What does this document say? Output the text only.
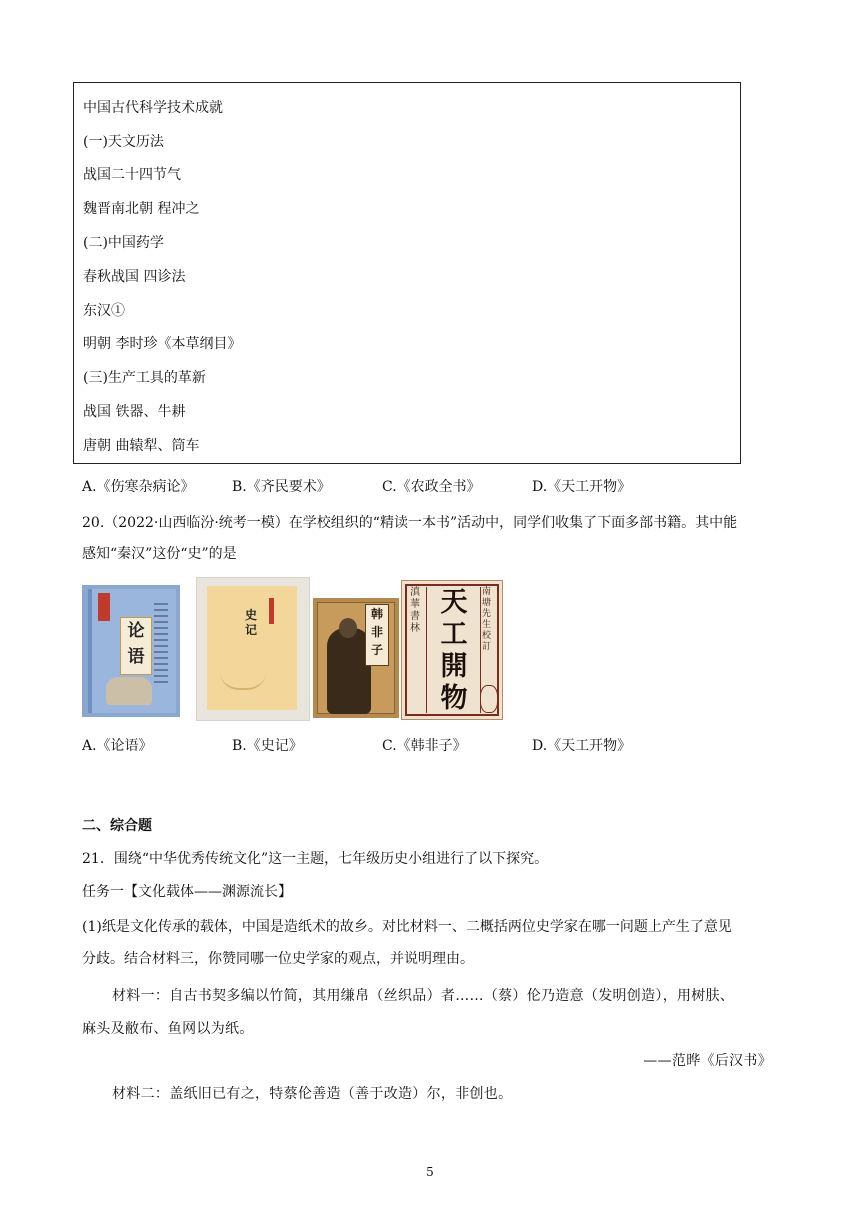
中国古代科学技术成就
(一)天文历法
战国二十四节气
魏晋南北朝 程冲之
(二)中国药学
春秋战国 四诊法
东汉①
明朝 李时珍《本草纲目》
(三)生产工具的革新
战国 铁器、牛耕
唐朝 曲辕犁、筒车
A.《伤寒杂病论》	B.《齐民要术》	C.《农政全书》	D.《天工开物》
20.（2022·山西临汾·统考一模）在学校组织的“精读一本书”活动中，同学们收集了下面多部书籍。其中能
感知“秦汉”这份“史”的是
论语
史记
韩非子
滇華書林
天工開物
南塘先生校訂
A.《论语》	B.《史记》	C.《韩非子》	D.《天工开物》
二、综合题
21．围绕“中华优秀传统文化”这一主题，七年级历史小组进行了以下探究。
任务一【文化载体——渊源流长】
(1)纸是文化传承的载体，中国是造纸术的故乡。对比材料一、二概括两位史学家在哪一问题上产生了意见
分歧。结合材料三，你赞同哪一位史学家的观点，并说明理由。
材料一：自古书契多编以竹简，其用缣帛（丝织品）者……（蔡）伦乃造意（发明创造），用树肤、
麻头及敝布、鱼网以为纸。
——范晔《后汉书》
材料二：盖纸旧已有之，特蔡伦善造（善于改造）尔，非创也。
5
